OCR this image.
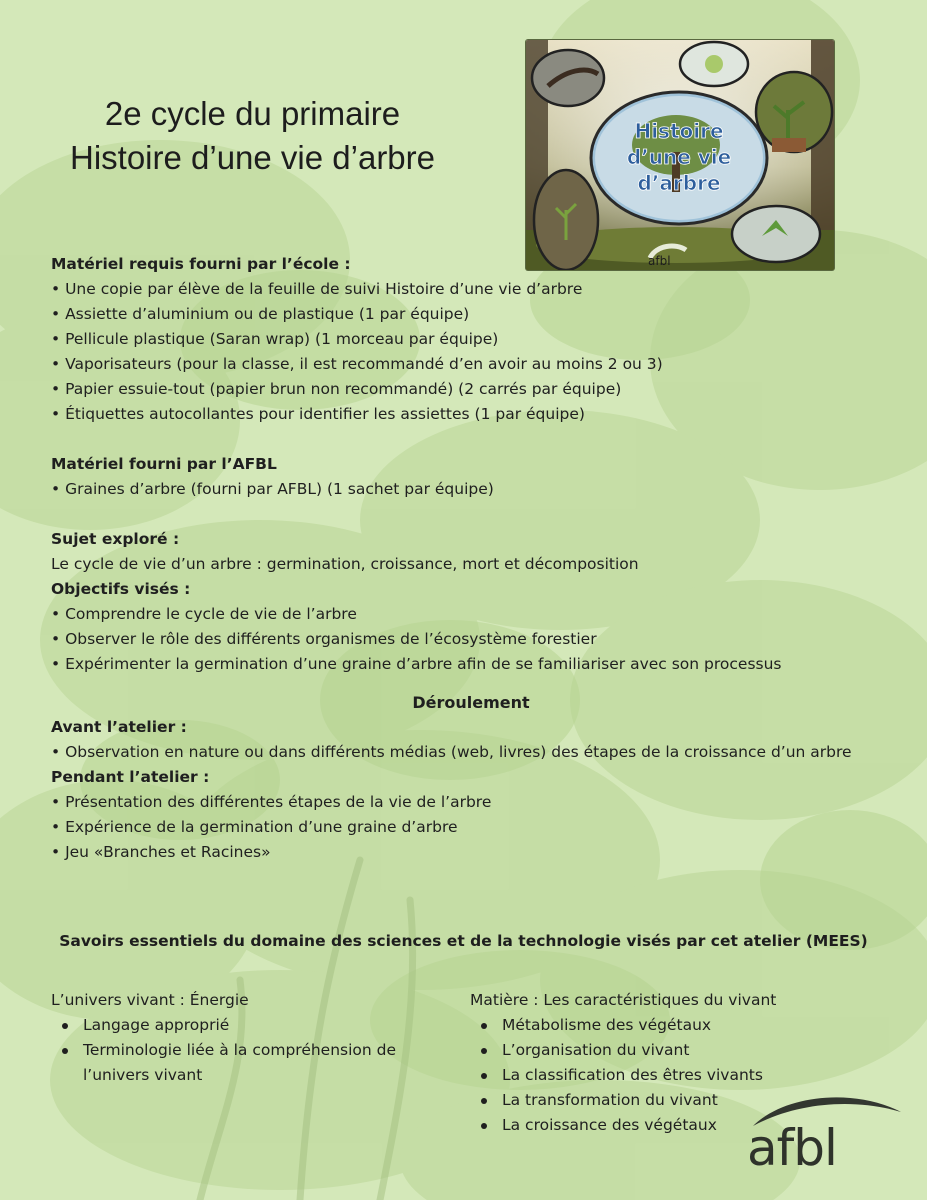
2e cycle du primaire
Histoire d’une vie d’arbre
Histoire
d’une vie
d’arbre
afbl
Matériel requis fourni par l’école :
• Une copie par élève de la feuille de suivi Histoire d’une vie d’arbre
• Assiette d’aluminium ou de plastique (1 par équipe)
• Pellicule plastique (Saran wrap) (1 morceau par équipe)
• Vaporisateurs (pour la classe, il est recommandé d’en avoir au moins 2 ou 3)
• Papier essuie-tout (papier brun non recommandé) (2 carrés par équipe)
• Étiquettes autocollantes pour identifier les assiettes (1 par équipe)
Matériel fourni par l’AFBL
• Graines d’arbre (fourni par AFBL) (1 sachet par équipe)
Sujet exploré :
Le cycle de vie d’un arbre : germination, croissance, mort et décomposition
Objectifs visés :
• Comprendre le cycle de vie de l’arbre
• Observer le rôle des différents organismes de l’écosystème forestier
• Expérimenter la germination d’une graine d’arbre afin de se familiariser avec son processus
Déroulement
Avant l’atelier :
• Observation en nature ou dans différents médias (web, livres) des étapes de la croissance d’un arbre
Pendant l’atelier :
• Présentation des différentes étapes de la vie de l’arbre
• Expérience de la germination d’une graine d’arbre
• Jeu «Branches et Racines»
Savoirs essentiels du domaine des sciences et de la technologie visés par cet atelier (MEES)
L’univers vivant : Énergie
Langage approprié
Terminologie liée à la compréhension de l’univers vivant
Matière : Les caractéristiques du vivant
Métabolisme des végétaux
L’organisation du vivant
La classification des êtres vivants
La transformation du vivant
La croissance des végétaux afbl
